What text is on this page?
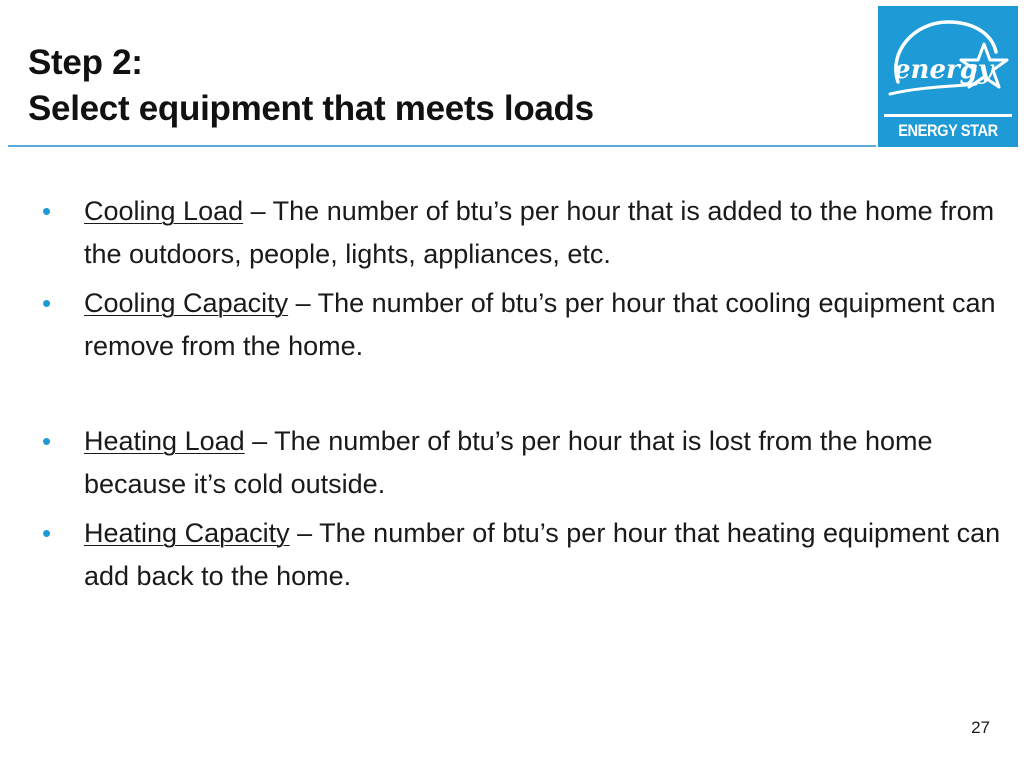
Step 2:
Select equipment that meets loads
energy
ENERGY STAR
• Cooling Load – The number of btu’s per hour that is added to the home from the outdoors, people, lights, appliances, etc.
• Cooling Capacity – The number of btu’s per hour that cooling equipment can remove from the home.
• Heating Load – The number of btu’s per hour that is lost from the home because it’s cold outside.
• Heating Capacity – The number of btu’s per hour that heating equipment can add back to the home.
27
